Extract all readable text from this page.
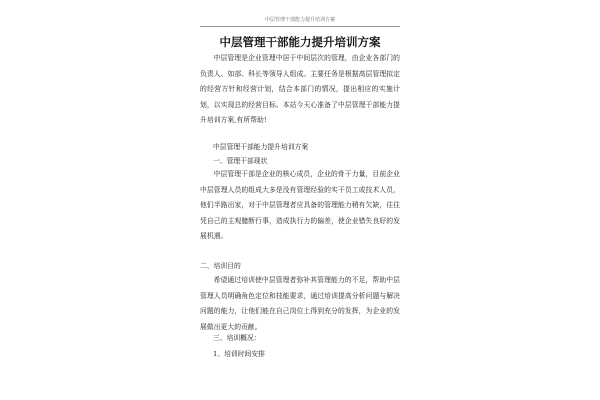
中层管理干部能力提升培训方案
中层管理干部能力提升培训方案
中层管理是企业管理中居于中间层次的管理，由企业各部门的负责人、如部、科长等领导人组成。主要任务是根据高层管理拟定的经营方针和经营计划，结合本部门的情况，提出相应的实施计划，以实现总的经营目标。本站今天心准备了中层管理干部能力提升培训方案,有所帮助!
中层管理干部能力提升培训方案
一、管理干部现状
中层管理干部是企业的核心成员，企业的骨干力量，目前企业中层管理人员的组成大多是没有管理经验的实干员工或技术人员，他们半路出家，对于中层管理者应具备的管理能力稍有欠缺，往往凭自己的主观臆断行事，造成执行力的偏差，使企业错失良好的发展机遇。
二、培训目的
希望通过培训使中层管理者弥补其管理能力的不足，帮助中层管理人员明确角色定位和技能要求，通过培训提高分析问题与解决问题的能力，让他们能在自己岗位上得到充分的发挥，为企业的发展做出更大的贡献。
三、培训概况：
1、培训时间安排
